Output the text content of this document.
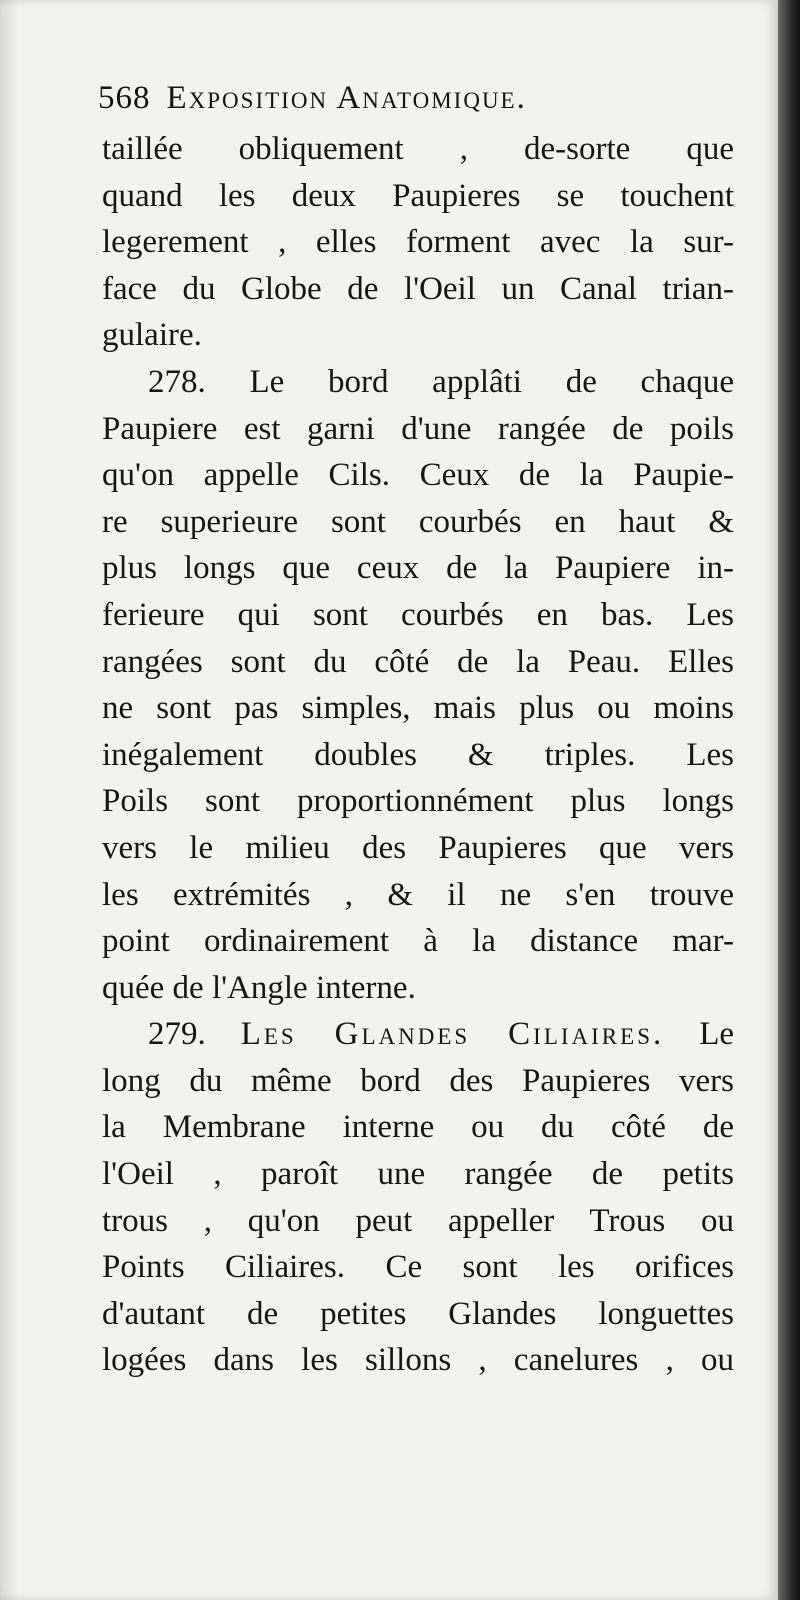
568 Exposition Anatomique.
taillée obliquement , de-sorte que
quand les deux Paupieres se touchent
legerement , elles forment avec la sur-
face du Globe de l'Oeil un Canal trian-
gulaire.
278. Le bord applâti de chaque
Paupiere est garni d'une rangée de poils
qu'on appelle Cils. Ceux de la Paupie-
re superieure sont courbés en haut &
plus longs que ceux de la Paupiere in-
ferieure qui sont courbés en bas. Les
rangées sont du côté de la Peau. Elles
ne sont pas simples, mais plus ou moins
inégalement doubles & triples. Les
Poils sont proportionnément plus longs
vers le milieu des Paupieres que vers
les extrémités , & il ne s'en trouve
point ordinairement à la distance mar-
quée de l'Angle interne.
279. Les Glandes Ciliaires. Le
long du même bord des Paupieres vers
la Membrane interne ou du côté de
l'Oeil , paroît une rangée de petits
trous , qu'on peut appeller Trous ou
Points Ciliaires. Ce sont les orifices
d'autant de petites Glandes longuettes
logées dans les sillons , canelures , ou
